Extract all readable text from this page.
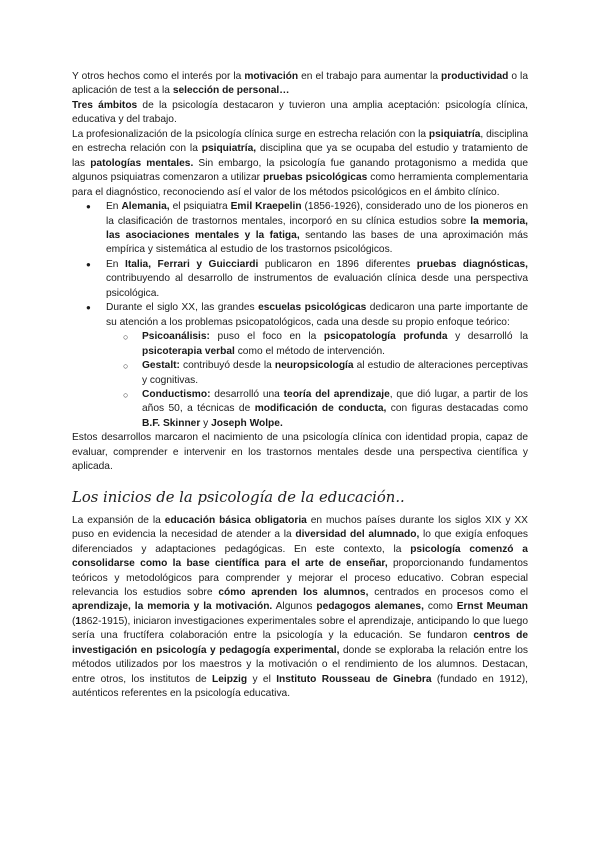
Y otros hechos como el interés por la motivación en el trabajo para aumentar la productividad o la aplicación de test a la selección de personal…

Tres ámbitos de la psicología destacaron y tuvieron una amplia aceptación: psicología clínica, educativa y del trabajo.

La profesionalización de la psicología clínica surge en estrecha relación con la psiquiatría, disciplina en estrecha relación con la psiquiatría, disciplina que ya se ocupaba del estudio y tratamiento de las patologías mentales. Sin embargo, la psicología fue ganando protagonismo a medida que algunos psiquiatras comenzaron a utilizar pruebas psicológicas como herramienta complementaria para el diagnóstico, reconociendo así el valor de los métodos psicológicos en el ámbito clínico.

● En Alemania, el psiquiatra Emil Kraepelin (1856-1926), considerado uno de los pioneros en la clasificación de trastornos mentales, incorporó en su clínica estudios sobre la memoria, las asociaciones mentales y la fatiga, sentando las bases de una aproximación más empírica y sistemática al estudio de los trastornos psicológicos.
● En Italia, Ferrari y Guicciardi publicaron en 1896 diferentes pruebas diagnósticas, contribuyendo al desarrollo de instrumentos de evaluación clínica desde una perspectiva psicológica.
● Durante el siglo XX, las grandes escuelas psicológicas dedicaron una parte importante de su atención a los problemas psicopatológicos, cada una desde su propio enfoque teórico:
○ Psicoanálisis: puso el foco en la psicopatología profunda y desarrolló la psicoterapia verbal como el método de intervención.
○ Gestalt: contribuyó desde la neuropsicología al estudio de alteraciones perceptivas y cognitivas.
○ Conductismo: desarrolló una teoría del aprendizaje, que dió lugar, a partir de los años 50, a técnicas de modificación de conducta, con figuras destacadas como B.F. Skinner y Joseph Wolpe.

Estos desarrollos marcaron el nacimiento de una psicología clínica con identidad propia, capaz de evaluar, comprender e intervenir en los trastornos mentales desde una perspectiva científica y aplicada.

Los inicios de la psicología de la educación..

La expansión de la educación básica obligatoria en muchos países durante los siglos XIX y XX puso en evidencia la necesidad de atender a la diversidad del alumnado, lo que exigía enfoques diferenciados y adaptaciones pedagógicas. En este contexto, la psicología comenzó a consolidarse como la base científica para el arte de enseñar, proporcionando fundamentos teóricos y metodológicos para comprender y mejorar el proceso educativo. Cobran especial relevancia los estudios sobre cómo aprenden los alumnos, centrados en procesos como el aprendizaje, la memoria y la motivación. Algunos pedagogos alemanes, como Ernst Meuman (1862-1915), iniciaron investigaciones experimentales sobre el aprendizaje, anticipando lo que luego sería una fructífera colaboración entre la psicología y la educación. Se fundaron centros de investigación en psicología y pedagogía experimental, donde se exploraba la relación entre los métodos utilizados por los maestros y la motivación o el rendimiento de los alumnos. Destacan, entre otros, los institutos de Leipzig y el Instituto Rousseau de Ginebra (fundado en 1912), auténticos referentes en la psicología educativa.
